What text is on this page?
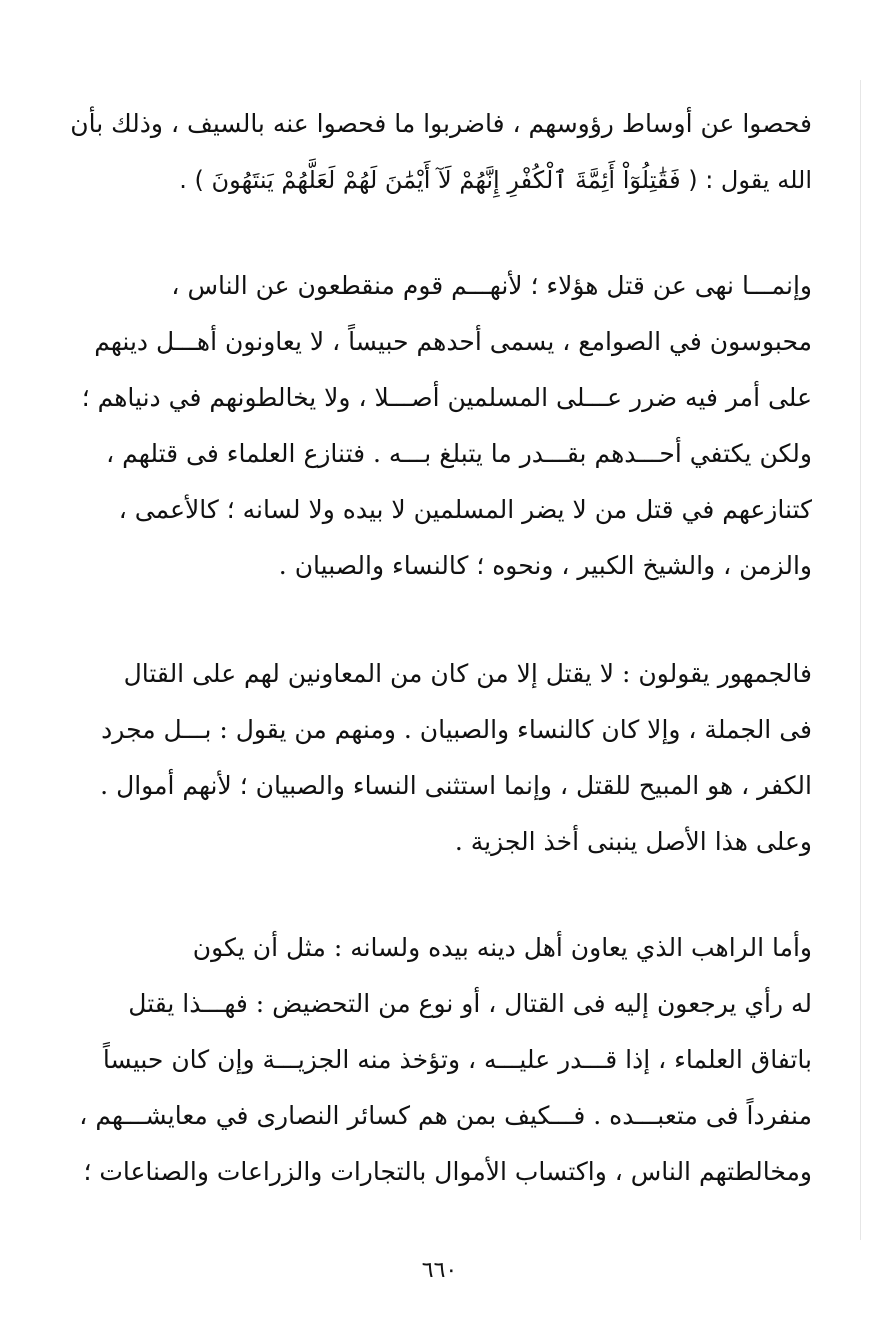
فحصوا عن أوساط رؤوسهم ، فاضربوا ما فحصوا عنه بالسيف ، وذلك بأن
الله يقول : ( فَقَٰتِلُوٓاْ أَئِمَّةَ ٱلْكُفْرِ إِنَّهُمْ لَآ أَيْمَٰنَ لَهُمْ لَعَلَّهُمْ يَنتَهُونَ ) .
وإنمـــا نهى عن قتل هؤلاء ؛ لأنهـــم قوم منقطعون عن الناس ،
محبوسون في الصوامع ، يسمى أحدهم حبيساً ، لا يعاونون أهـــل دينهم
على أمر فيه ضرر عـــلى المسلمين أصـــلا ، ولا يخالطونهم في دنياهم ؛
ولكن يكتفي أحـــدهم بقـــدر ما يتبلغ بـــه . فتنازع العلماء فى قتلهم ،
كتنازعهم في قتل من لا يضر المسلمين لا بيده ولا لسانه ؛ كالأعمى ،
والزمن ، والشيخ الكبير ، ونحوه ؛ كالنساء والصبيان .
فالجمهور يقولون : لا يقتل إلا من كان من المعاونين لهم على القتال
فى الجملة ، وإلا كان كالنساء والصبيان . ومنهم من يقول : بـــل مجرد
الكفر ، هو المبيح للقتل ، وإنما استثنى النساء والصبيان ؛ لأنهم أموال .
وعلى هذا الأصل ينبنى أخذ الجزية .
وأما الراهب الذي يعاون أهل دينه بيده ولسانه : مثل أن يكون
له رأي يرجعون إليه فى القتال ، أو نوع من التحضيض : فهـــذا يقتل
باتفاق العلماء ، إذا قـــدر عليـــه ، وتؤخذ منه الجزيـــة وإن كان حبيساً
منفرداً فى متعبـــده . فـــكيف بمن هم كسائر النصارى في معايشـــهم ،
ومخالطتهم الناس ، واكتساب الأموال بالتجارات والزراعات والصناعات ؛
٦٦٠
